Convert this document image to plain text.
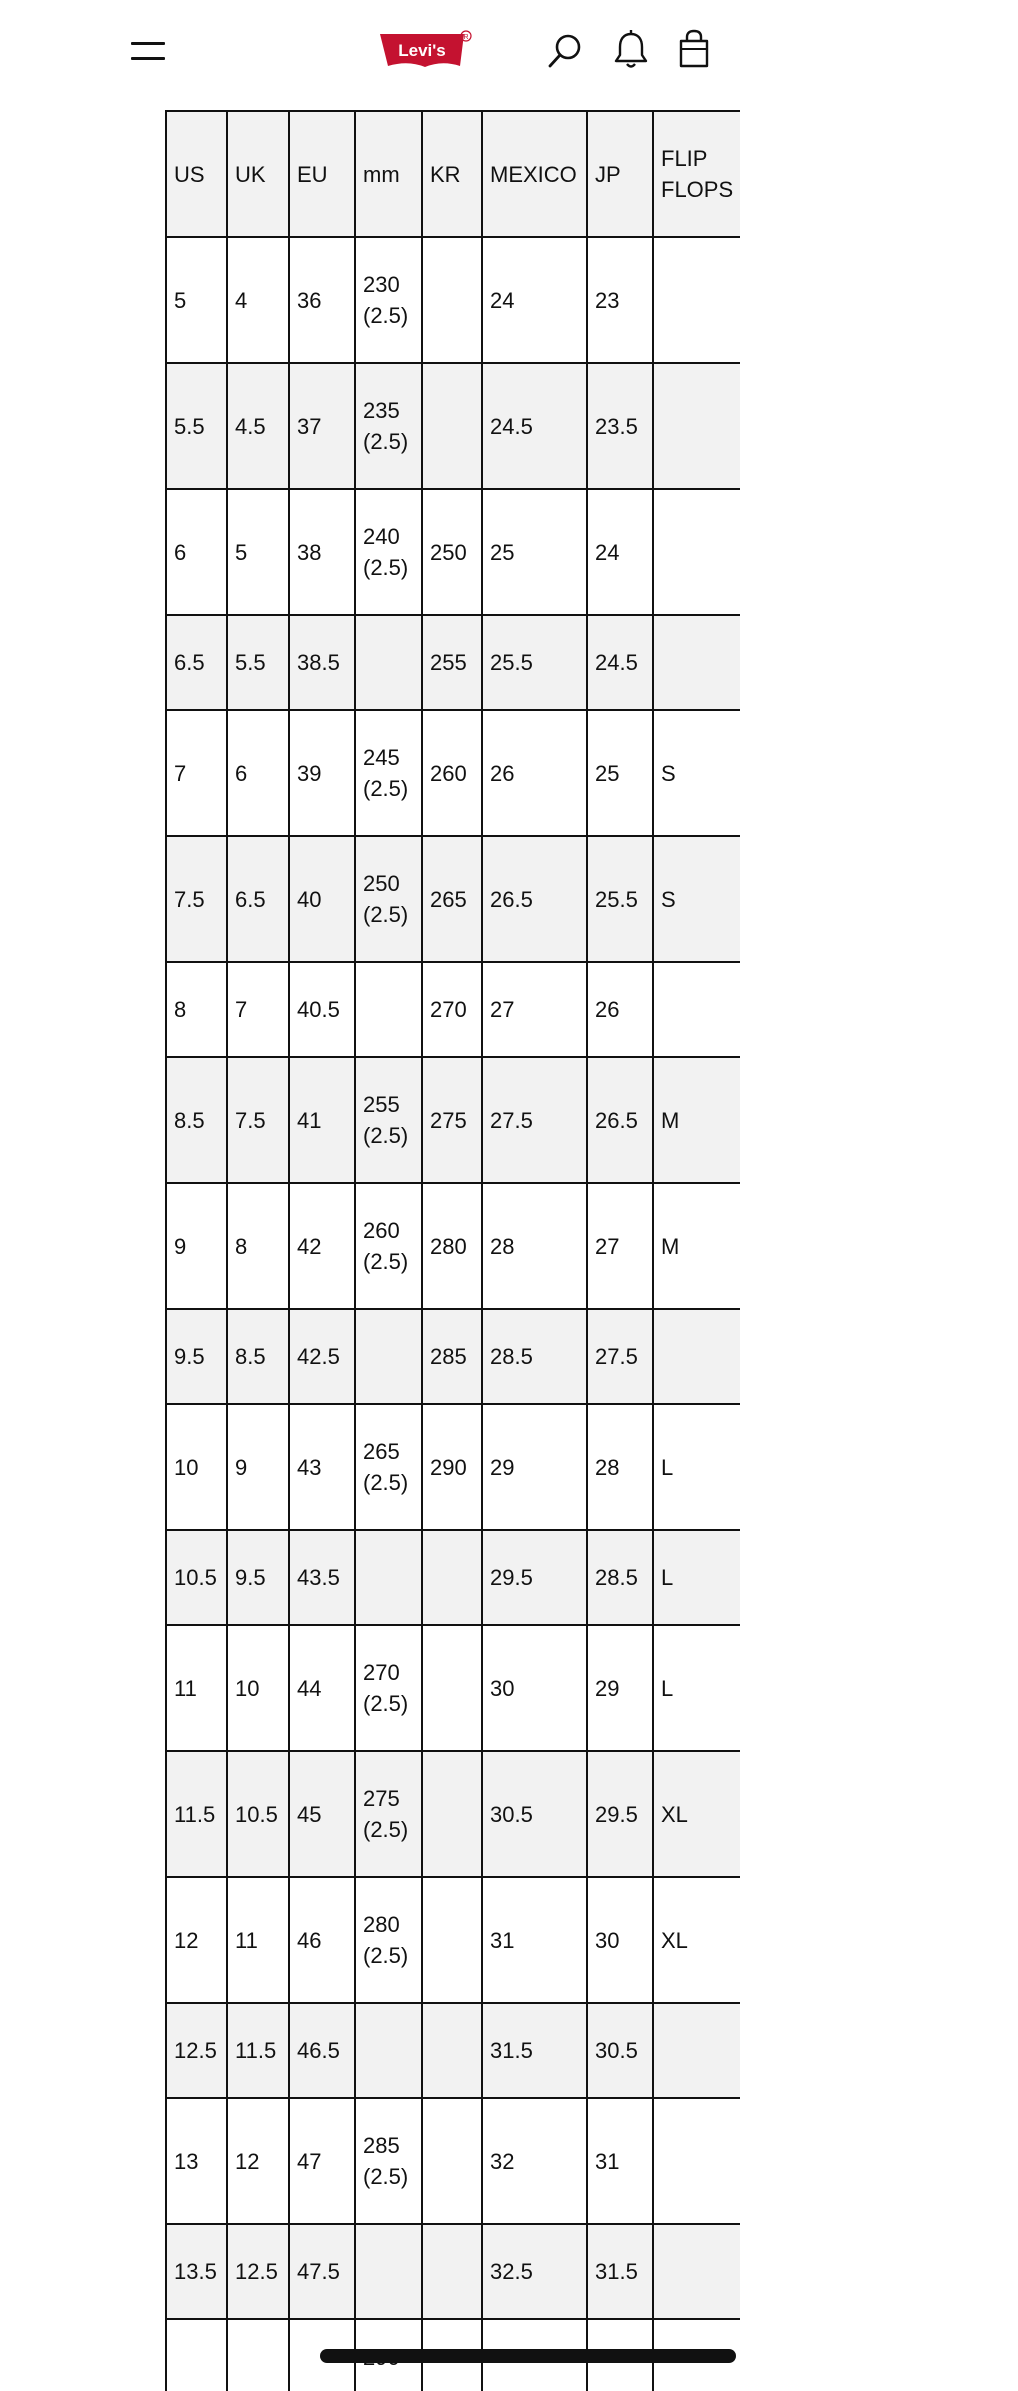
Levi's
R
US	UK	EU	mm	KR	MEXICO	JP	FLIP FLOPS
5	4	36	230 (2.5)		24	23	
5.5	4.5	37	235 (2.5)		24.5	23.5	
6	5	38	240 (2.5)	250	25	24	
6.5	5.5	38.5		255	25.5	24.5	
7	6	39	245 (2.5)	260	26	25	S
7.5	6.5	40	250 (2.5)	265	26.5	25.5	S
8	7	40.5		270	27	26	
8.5	7.5	41	255 (2.5)	275	27.5	26.5	M
9	8	42	260 (2.5)	280	28	27	M
9.5	8.5	42.5		285	28.5	27.5	
10	9	43	265 (2.5)	290	29	28	L
10.5	9.5	43.5			29.5	28.5	L
11	10	44	270 (2.5)		30	29	L
11.5	10.5	45	275 (2.5)		30.5	29.5	XL
12	11	46	280 (2.5)		31	30	XL
12.5	11.5	46.5			31.5	30.5	
13	12	47	285 (2.5)		32	31	
13.5	12.5	47.5			32.5	31.5	
